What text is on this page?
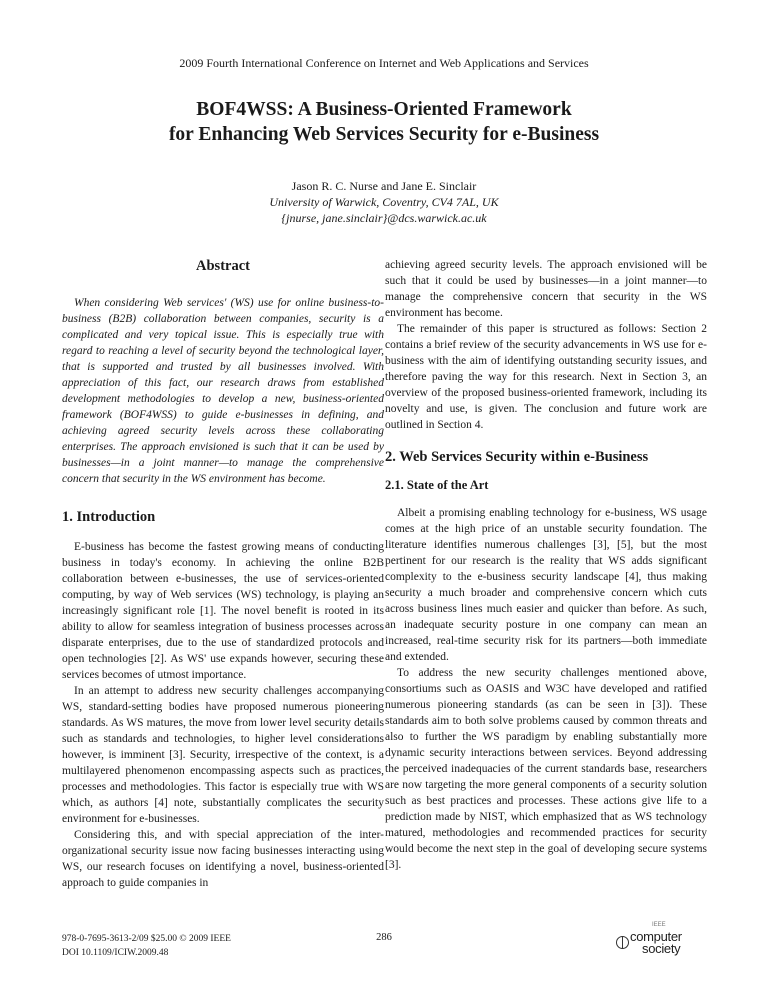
2009 Fourth International Conference on Internet and Web Applications and Services
BOF4WSS: A Business-Oriented Framework
for Enhancing Web Services Security for e-Business
Jason R. C. Nurse and Jane E. Sinclair
University of Warwick, Coventry, CV4 7AL, UK
{jnurse, jane.sinclair}@dcs.warwick.ac.uk
Abstract

When considering Web services' (WS) use for online business-to-business (B2B) collaboration between companies, security is a complicated and very topical issue. This is especially true with regard to reaching a level of security beyond the technological layer, that is supported and trusted by all businesses involved. With appreciation of this fact, our research draws from established development methodologies to develop a new, business-oriented framework (BOF4WSS) to guide e-businesses in defining, and achieving agreed security levels across these collaborating enterprises. The approach envisioned is such that it can be used by businesses—in a joint manner—to manage the comprehensive concern that security in the WS environment has become.

1. Introduction

E-business has become the fastest growing means of conducting business in today's economy. In achieving the online B2B collaboration between e-businesses, the use of services-oriented computing, by way of Web services (WS) technology, is playing an increasingly significant role [1]. The novel benefit is rooted in its ability to allow for seamless integration of business processes across disparate enterprises, due to the use of standardized protocols and open technologies [2]. As WS' use expands however, securing these services becomes of utmost importance.

In an attempt to address new security challenges accompanying WS, standard-setting bodies have proposed numerous pioneering standards. As WS matures, the move from lower level security details such as standards and technologies, to higher level considerations however, is imminent [3]. Security, irrespective of the context, is a multilayered phenomenon encompassing aspects such as practices, processes and methodologies. This factor is especially true with WS which, as authors [4] note, substantially complicates the security environment for e-businesses.

Considering this, and with special appreciation of the inter-organizational security issue now facing businesses interacting using WS, our research focuses on identifying a novel, business-oriented approach to guide companies in

achieving agreed security levels. The approach envisioned will be such that it could be used by businesses—in a joint manner—to manage the comprehensive concern that security in the WS environment has become.

The remainder of this paper is structured as follows: Section 2 contains a brief review of the security advancements in WS use for e-business with the aim of identifying outstanding security issues, and therefore paving the way for this research. Next in Section 3, an overview of the proposed business-oriented framework, including its novelty and use, is given. The conclusion and future work are outlined in Section 4.

2. Web Services Security within e-Business
2.1. State of the Art

Albeit a promising enabling technology for e-business, WS usage comes at the high price of an unstable security foundation. The literature identifies numerous challenges [3], [5], but the most pertinent for our research is the reality that WS adds significant complexity to the e-business security landscape [4], thus making security a much broader and comprehensive concern which cuts across business lines much easier and quicker than before. As such, an inadequate security posture in one company can mean an increased, real-time security risk for its partners—both immediate and extended.

To address the new security challenges mentioned above, consortiums such as OASIS and W3C have developed and ratified numerous pioneering standards (as can be seen in [3]). These standards aim to both solve problems caused by common threats and also to further the WS paradigm by enabling substantially more dynamic security interactions between services. Beyond addressing the perceived inadequacies of the current standards base, researchers are now targeting the more general components of a security solution such as best practices and processes. These actions give life to a prediction made by NIST, which emphasized that as WS technology matured, methodologies and recommended practices for security would become the next step in the goal of developing secure systems [3].

978-0-7695-3613-2/09 $25.00 © 2009 IEEE
DOI 10.1109/ICIW.2009.48
286
IEEE
computer
society
